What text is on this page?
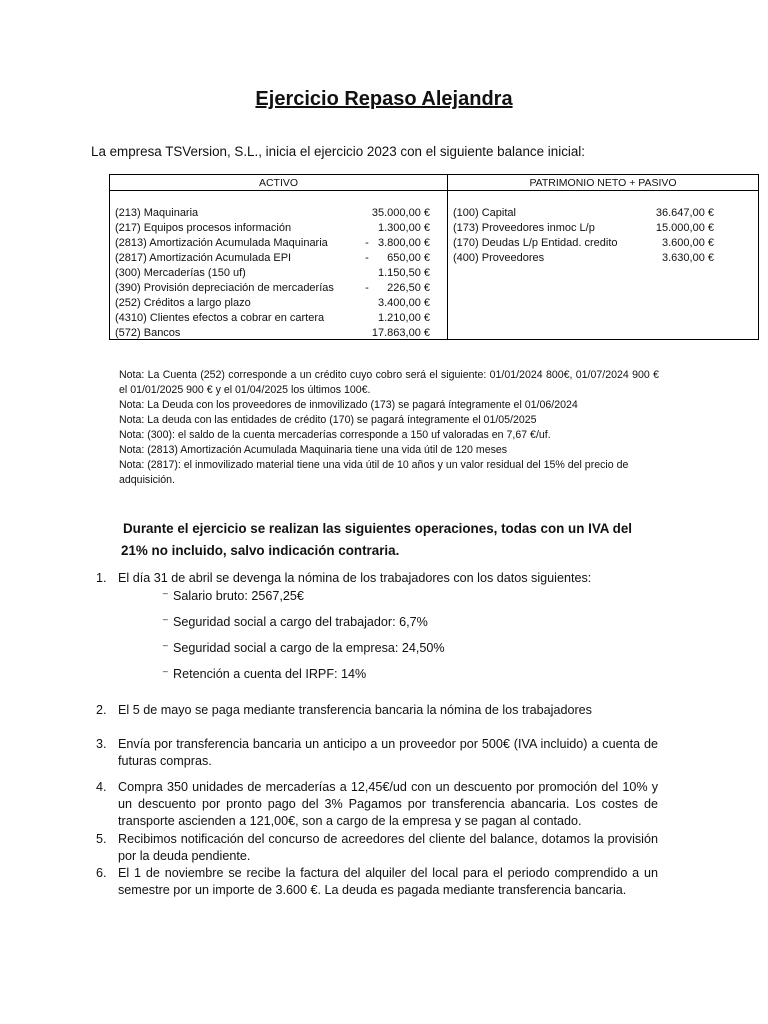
Ejercicio Repaso Alejandra

La empresa TSVersion, S.L., inicia el ejercicio 2023 con el siguiente balance inicial:

ACTIVO	PATRIMONIO NETO + PASIVO
(213) Maquinaria	35.000,00 €
(217) Equipos procesos información	1.300,00 €
(2813) Amortización Acumulada Maquinaria	-   3.800,00 €
(2817) Amortización Acumulada EPI	-      650,00 €
(300) Mercaderías (150 uf)	1.150,50 €
(390) Provisión depreciación de mercaderías	-      226,50 €
(252) Créditos a largo plazo	3.400,00 €
(4310) Clientes efectos a cobrar en cartera	1.210,00 €
(572) Bancos	17.863,00 €
(100) Capital	36.647,00 €
(173) Proveedores inmoc L/p	15.000,00 €
(170) Deudas L/p Entidad. credito	3.600,00 €
(400) Proveedores	3.630,00 €

Nota: La Cuenta (252) corresponde a un crédito cuyo cobro será el siguiente: 01/01/2024 800€, 01/07/2024 900 € el 01/01/2025 900 € y el 01/04/2025 los últimos 100€.

Nota: La Deuda con los proveedores de inmovilizado (173) se pagará íntegramente el 01/06/2024

Nota: La deuda con las entidades de crédito (170) se pagará íntegramente el 01/05/2025

Nota: (300): el saldo de la cuenta mercaderías corresponde a 150 uf valoradas en 7,67 €/uf.

Nota: (2813) Amortización Acumulada Maquinaria tiene una vida útil de 120 meses

Nota: (2817): el inmovilizado material tiene una vida útil de 10 años y un valor residual del 15% del precio de adquisición.

Durante el ejercicio se realizan las siguientes operaciones, todas con un IVA del 21% no incluido, salvo indicación contraria.

1. El día 31 de abril se devenga la nómina de los trabajadores con los datos siguientes:

⁻ Salario bruto: 2567,25€

⁻ Seguridad social a cargo del trabajador: 6,7%

⁻ Seguridad social a cargo de la empresa: 24,50%

⁻ Retención a cuenta del IRPF: 14%

2. El 5 de mayo se paga mediante transferencia bancaria la nómina de los trabajadores
3. Envía por transferencia bancaria un anticipo a un proveedor por 500€ (IVA incluido) a cuenta de futuras compras.
4. Compra 350 unidades de mercaderías a 12,45€/ud con un descuento por promoción del 10% y un descuento por pronto pago del 3% Pagamos por transferencia abancaria. Los costes de transporte ascienden a 121,00€, son a cargo de la empresa y se pagan al contado.
5. Recibimos notificación del concurso de acreedores del cliente del balance, dotamos la provisión por la deuda pendiente.
6. El 1 de noviembre se recibe la factura del alquiler del local para el periodo comprendido a un semestre por un importe de 3.600 €. La deuda es pagada mediante transferencia bancaria.
